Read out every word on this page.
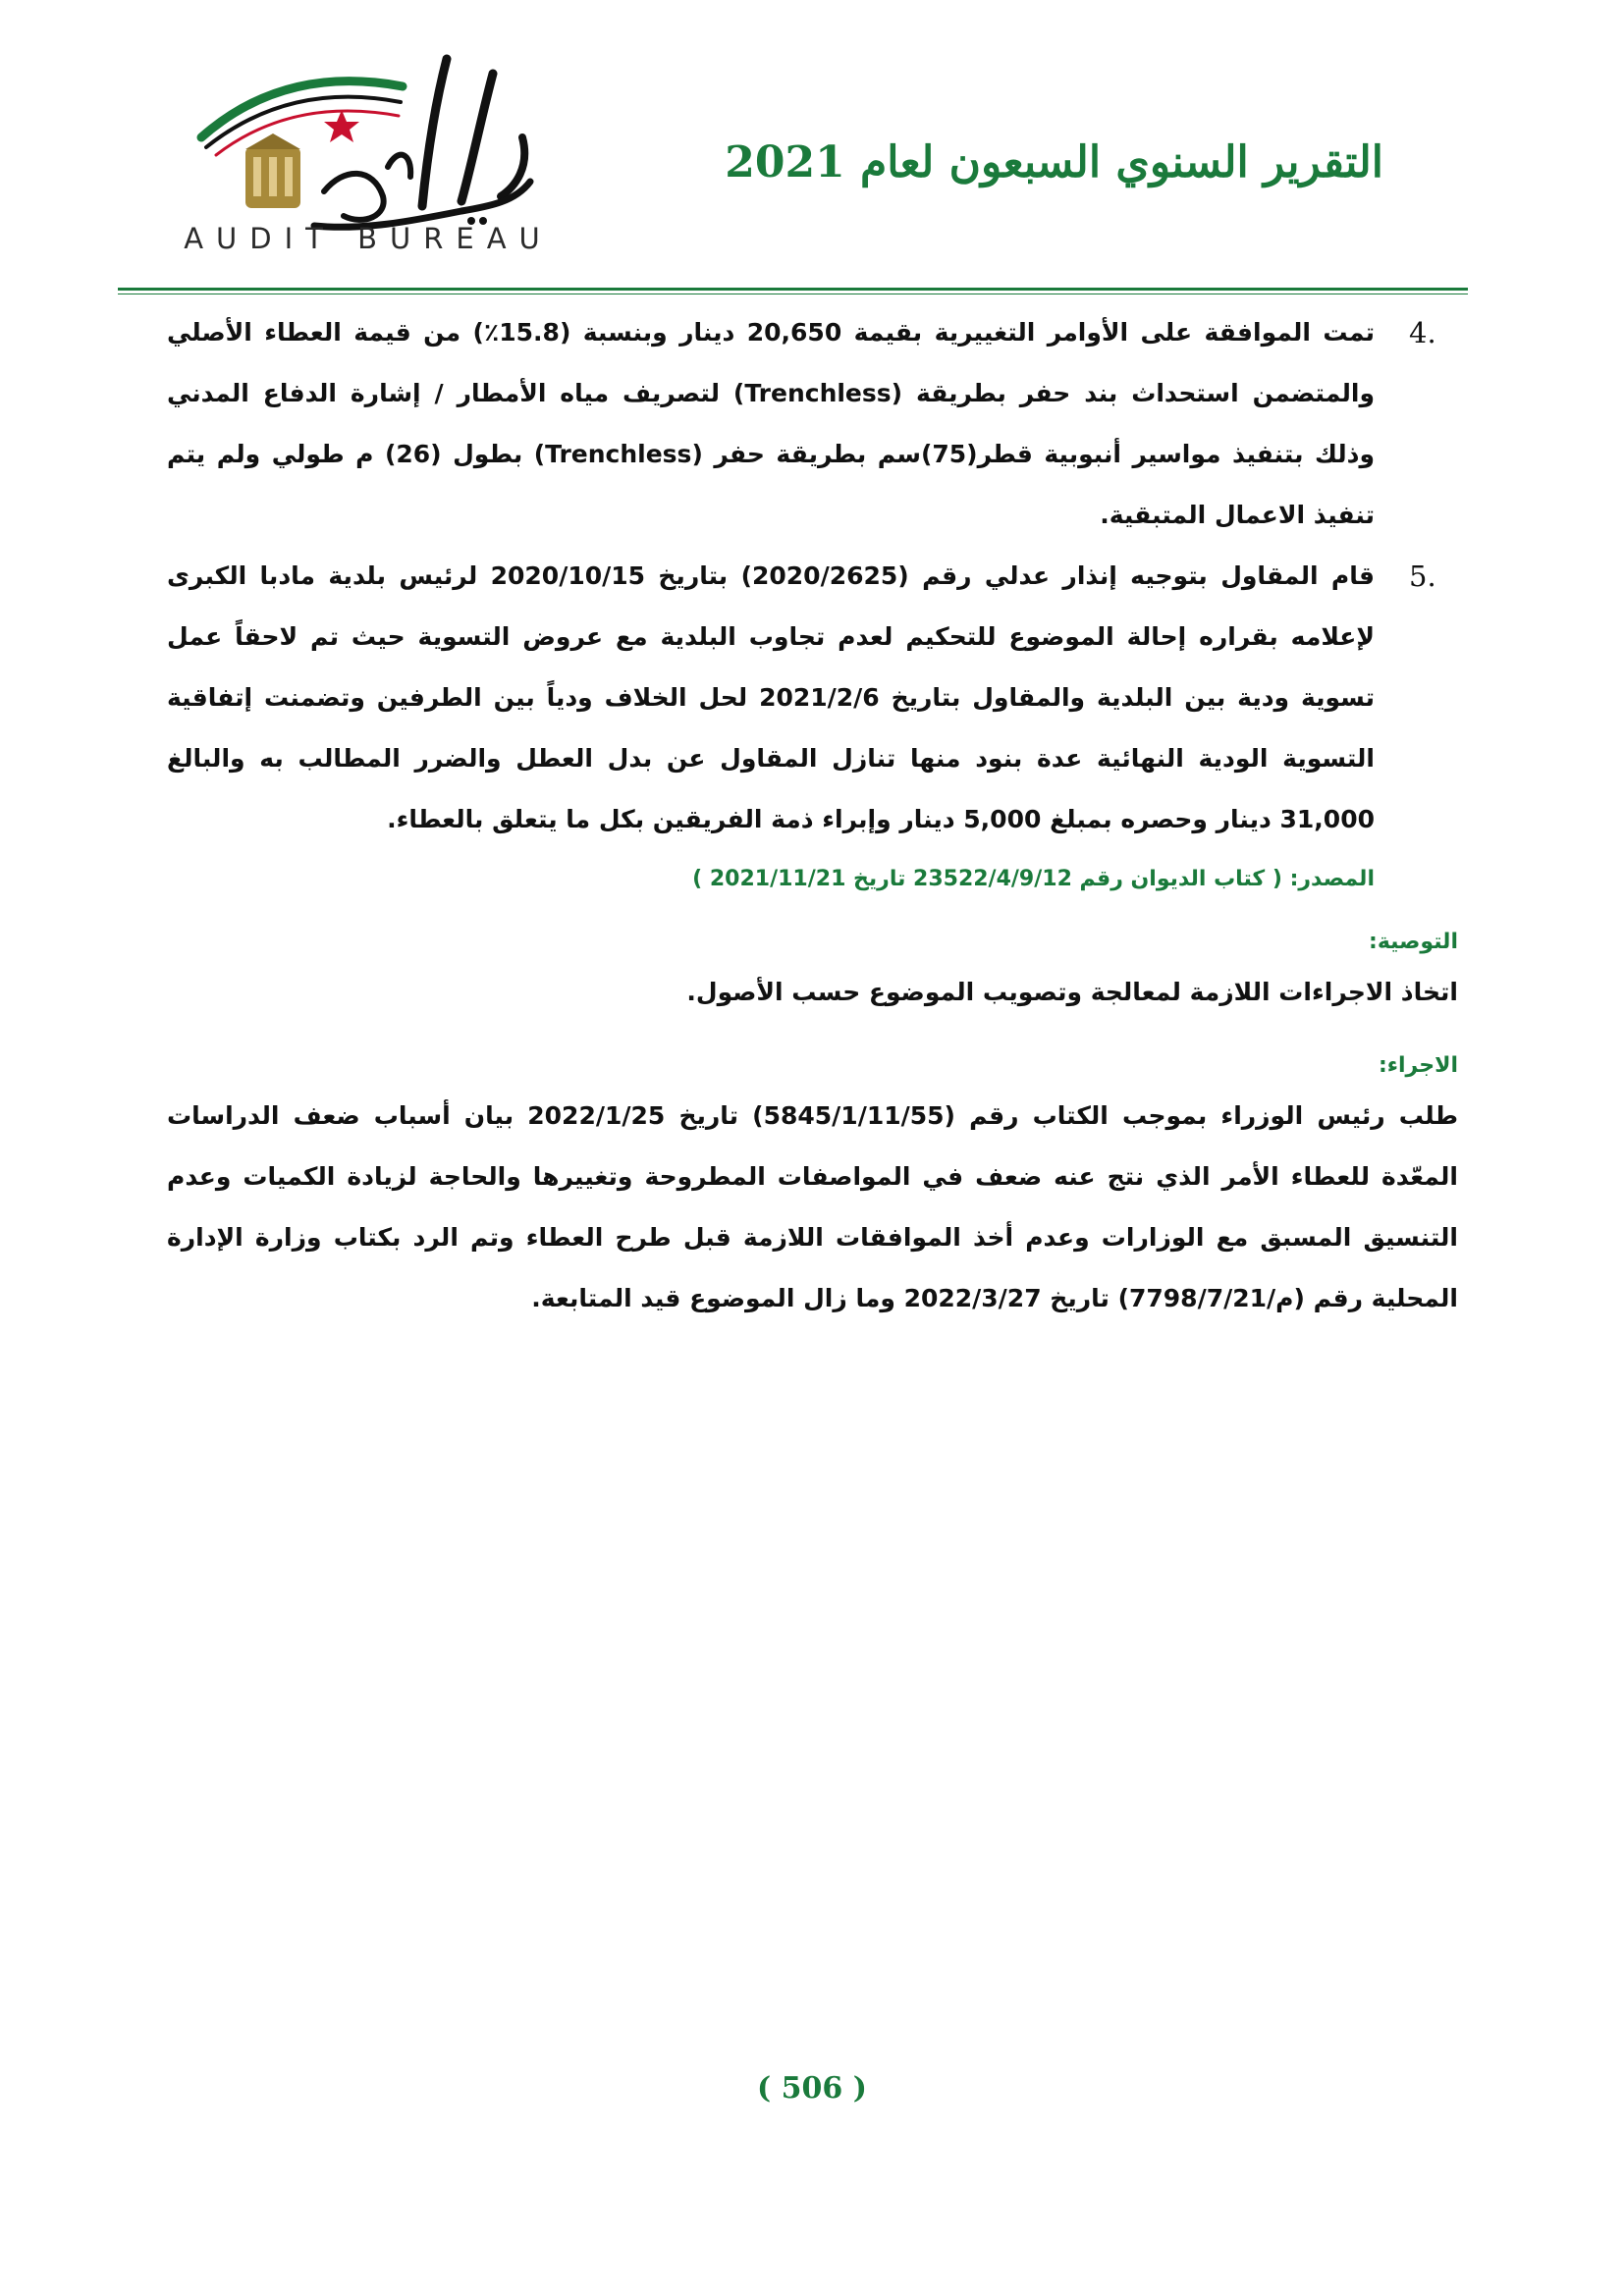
AUDIT BUREAU
التقرير السنوي السبعون لعام 2021
4.
تمت الموافقة على الأوامر التغييرية بقيمة 20,650 دينار وبنسبة (15.8٪) من قيمة العطاء الأصلي والمتضمن استحداث بند حفر بطريقة (Trenchless) لتصريف مياه الأمطار / إشارة الدفاع المدني وذلك بتنفيذ مواسير أنبوبية قطر(75)سم بطريقة حفر (Trenchless) بطول (26) م طولي ولم يتم تنفيذ الاعمال المتبقية.
5.
قام المقاول بتوجيه إنذار عدلي رقم (2020/2625) بتاريخ 2020/10/15 لرئيس بلدية مادبا الكبرى لإعلامه بقراره إحالة الموضوع للتحكيم لعدم تجاوب البلدية مع عروض التسوية حيث تم لاحقاً عمل تسوية ودية بين البلدية والمقاول بتاريخ 2021/2/6 لحل الخلاف ودياً بين الطرفين وتضمنت إتفاقية التسوية الودية النهائية عدة بنود منها تنازل المقاول عن بدل العطل والضرر المطالب به والبالغ 31,000 دينار وحصره بمبلغ 5,000 دينار وإبراء ذمة الفريقين بكل ما يتعلق بالعطاء.
المصدر: ( كتاب الديوان رقم 23522/4/9/12 تاريخ 2021/11/21 )
التوصية:
اتخاذ الاجراءات اللازمة لمعالجة وتصويب الموضوع حسب الأصول.
الاجراء:
طلب رئيس الوزراء بموجب الكتاب رقم (5845/1/11/55) تاريخ 2022/1/25 بيان أسباب ضعف الدراسات المعّدة للعطاء الأمر الذي نتج عنه ضعف في المواصفات المطروحة وتغييرها والحاجة لزيادة الكميات وعدم التنسيق المسبق مع الوزارات وعدم أخذ الموافقات اللازمة قبل طرح العطاء وتم الرد بكتاب وزارة الإدارة المحلية رقم (م/7798/7/21) تاريخ 2022/3/27 وما زال الموضوع قيد المتابعة.
( 506 )
